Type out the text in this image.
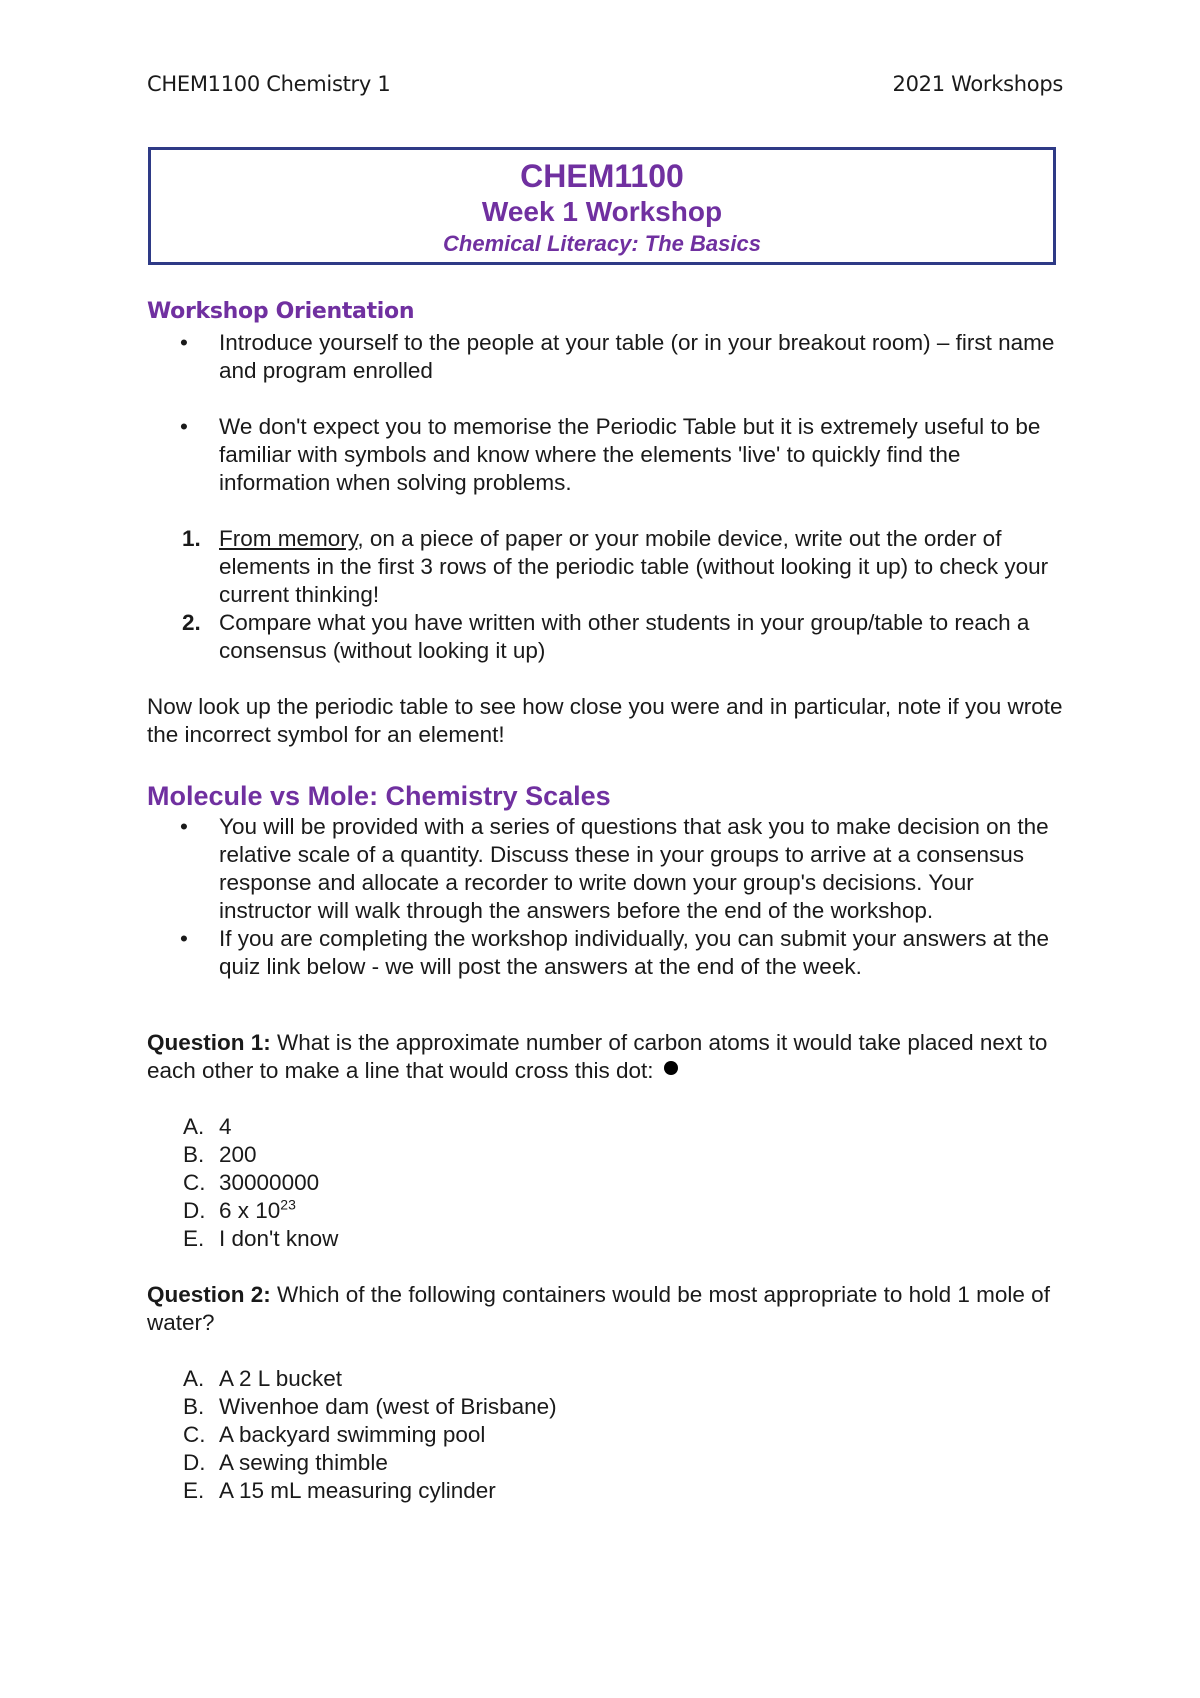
CHEM1100 Chemistry 1	2021 Workshops
CHEM1100
Week 1 Workshop
Chemical Literacy: The Basics
Workshop Orientation
• Introduce yourself to the people at your table (or in your breakout room) – first name and program enrolled
• We don't expect you to memorise the Periodic Table but it is extremely useful to be familiar with symbols and know where the elements 'live' to quickly find the information when solving problems.
1. From memory, on a piece of paper or your mobile device, write out the order of elements in the first 3 rows of the periodic table (without looking it up) to check your current thinking!
2. Compare what you have written with other students in your group/table to reach a consensus (without looking it up)

Now look up the periodic table to see how close you were and in particular, note if you wrote the incorrect symbol for an element!

Molecule vs Mole: Chemistry Scales
• You will be provided with a series of questions that ask you to make decision on the relative scale of a quantity. Discuss these in your groups to arrive at a consensus response and allocate a recorder to write down your group's decisions. Your instructor will walk through the answers before the end of the workshop.
• If you are completing the workshop individually, you can submit your answers at the quiz link below - we will post the answers at the end of the week.

Question 1: What is the approximate number of carbon atoms it would take placed next to each other to make a line that would cross this dot:

A. 4
B. 200
C. 30000000
D. 6 x $10^{23}$
E. I don't know

Question 2: Which of the following containers would be most appropriate to hold 1 mole of water?

A. A 2 L bucket
B. Wivenhoe dam (west of Brisbane)
C. A backyard swimming pool
D. A sewing thimble
E. A 15 mL measuring cylinder
